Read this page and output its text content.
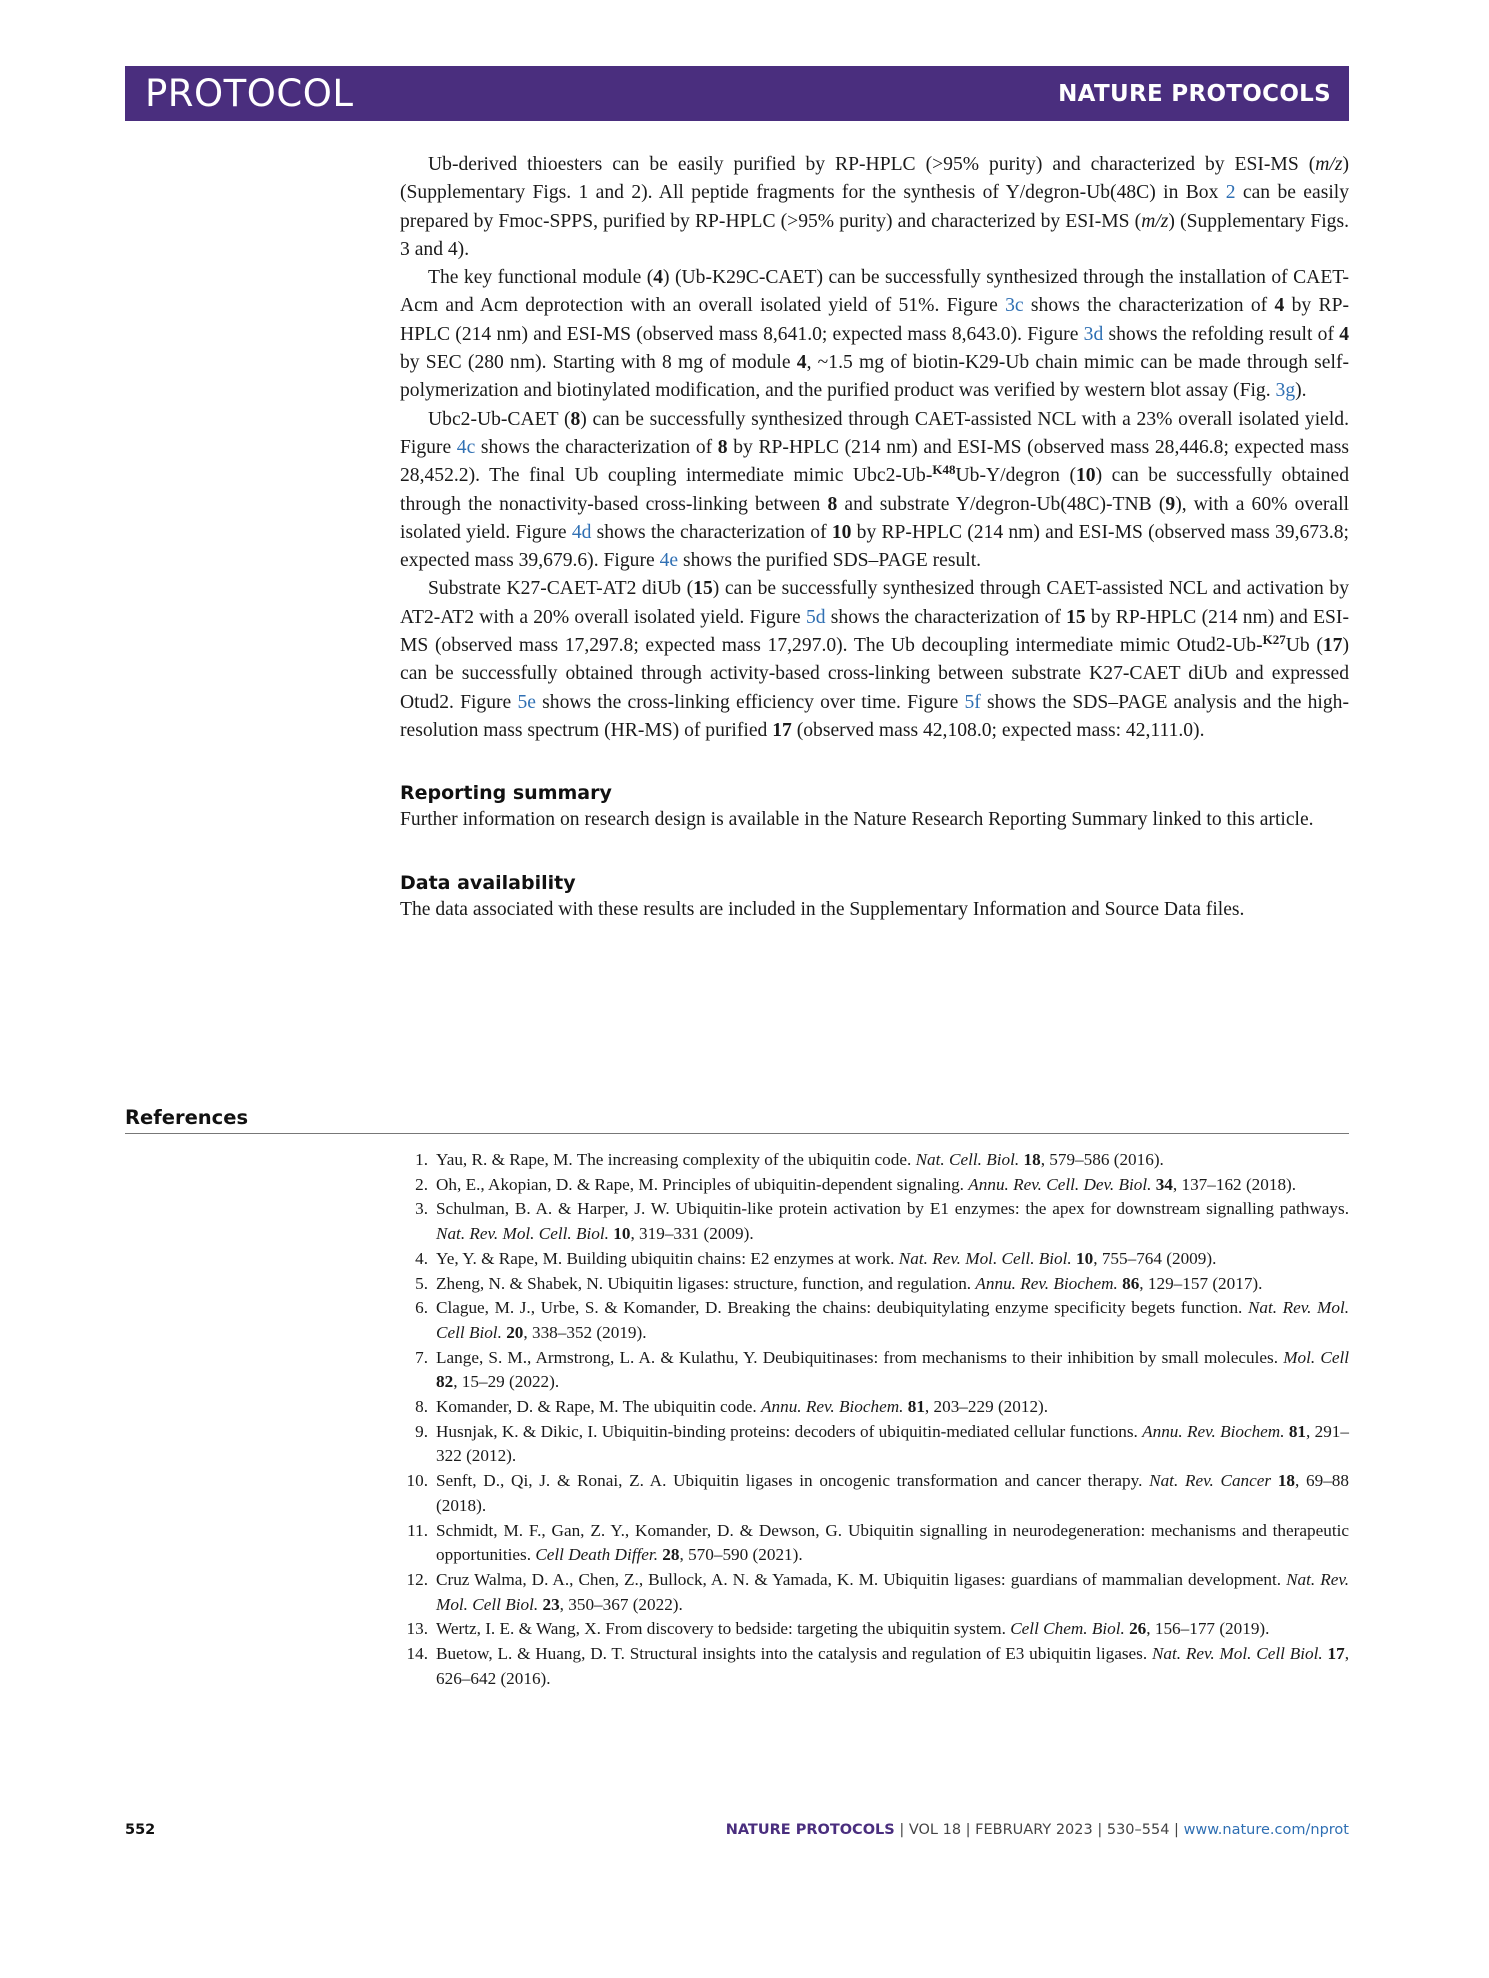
PROTOCOL	NATURE PROTOCOLS

Ub-derived thioesters can be easily purified by RP-HPLC (>95% purity) and characterized by ESI-MS (m/z) (Supplementary Figs. 1 and 2). All peptide fragments for the synthesis of Y/degron-Ub(48C) in Box 2 can be easily prepared by Fmoc-SPPS, purified by RP-HPLC (>95% purity) and characterized by ESI-MS (m/z) (Supplementary Figs. 3 and 4).

The key functional module (4) (Ub-K29C-CAET) can be successfully synthesized through the installation of CAET-Acm and Acm deprotection with an overall isolated yield of 51%. Figure 3c shows the characterization of 4 by RP-HPLC (214 nm) and ESI-MS (observed mass 8,641.0; expected mass 8,643.0). Figure 3d shows the refolding result of 4 by SEC (280 nm). Starting with 8 mg of module 4, ~1.5 mg of biotin-K29-Ub chain mimic can be made through self-polymerization and biotinylated modification, and the purified product was verified by western blot assay (Fig. 3g).

Ubc2-Ub-CAET (8) can be successfully synthesized through CAET-assisted NCL with a 23% overall isolated yield. Figure 4c shows the characterization of 8 by RP-HPLC (214 nm) and ESI-MS (observed mass 28,446.8; expected mass 28,452.2). The final Ub coupling intermediate mimic Ubc2-Ub-$^{K48}$Ub-Y/degron (10) can be successfully obtained through the nonactivity-based cross-linking between 8 and substrate Y/degron-Ub(48C)-TNB (9), with a 60% overall isolated yield. Figure 4d shows the characterization of 10 by RP-HPLC (214 nm) and ESI-MS (observed mass 39,673.8; expected mass 39,679.6). Figure 4e shows the purified SDS–PAGE result.

Substrate K27-CAET-AT2 diUb (15) can be successfully synthesized through CAET-assisted NCL and activation by AT2-AT2 with a 20% overall isolated yield. Figure 5d shows the characterization of 15 by RP-HPLC (214 nm) and ESI-MS (observed mass 17,297.8; expected mass 17,297.0). The Ub decoupling intermediate mimic Otud2-Ub-$^{K27}$Ub (17) can be successfully obtained through activity-based cross-linking between substrate K27-CAET diUb and expressed Otud2. Figure 5e shows the cross-linking efficiency over time. Figure 5f shows the SDS–PAGE analysis and the high-resolution mass spectrum (HR-MS) of purified 17 (observed mass 42,108.0; expected mass: 42,111.0).

Reporting summary

Further information on research design is available in the Nature Research Reporting Summary linked to this article.

Data availability

The data associated with these results are included in the Supplementary Information and Source Data files.

References
1. Yau, R. & Rape, M. The increasing complexity of the ubiquitin code. Nat. Cell. Biol. 18, 579–586 (2016).
2. Oh, E., Akopian, D. & Rape, M. Principles of ubiquitin-dependent signaling. Annu. Rev. Cell. Dev. Biol. 34, 137–162 (2018).
3. Schulman, B. A. & Harper, J. W. Ubiquitin-like protein activation by E1 enzymes: the apex for downstream signalling pathways. Nat. Rev. Mol. Cell. Biol. 10, 319–331 (2009).
4. Ye, Y. & Rape, M. Building ubiquitin chains: E2 enzymes at work. Nat. Rev. Mol. Cell. Biol. 10, 755–764 (2009).
5. Zheng, N. & Shabek, N. Ubiquitin ligases: structure, function, and regulation. Annu. Rev. Biochem. 86, 129–157 (2017).
6. Clague, M. J., Urbe, S. & Komander, D. Breaking the chains: deubiquitylating enzyme specificity begets function. Nat. Rev. Mol. Cell Biol. 20, 338–352 (2019).
7. Lange, S. M., Armstrong, L. A. & Kulathu, Y. Deubiquitinases: from mechanisms to their inhibition by small molecules. Mol. Cell 82, 15–29 (2022).
8. Komander, D. & Rape, M. The ubiquitin code. Annu. Rev. Biochem. 81, 203–229 (2012).
9. Husnjak, K. & Dikic, I. Ubiquitin-binding proteins: decoders of ubiquitin-mediated cellular functions. Annu. Rev. Biochem. 81, 291–322 (2012).
10. Senft, D., Qi, J. & Ronai, Z. A. Ubiquitin ligases in oncogenic transformation and cancer therapy. Nat. Rev. Cancer 18, 69–88 (2018).
11. Schmidt, M. F., Gan, Z. Y., Komander, D. & Dewson, G. Ubiquitin signalling in neurodegeneration: mechanisms and therapeutic opportunities. Cell Death Differ. 28, 570–590 (2021).
12. Cruz Walma, D. A., Chen, Z., Bullock, A. N. & Yamada, K. M. Ubiquitin ligases: guardians of mammalian development. Nat. Rev. Mol. Cell Biol. 23, 350–367 (2022).
13. Wertz, I. E. & Wang, X. From discovery to bedside: targeting the ubiquitin system. Cell Chem. Biol. 26, 156–177 (2019).
14. Buetow, L. & Huang, D. T. Structural insights into the catalysis and regulation of E3 ubiquitin ligases. Nat. Rev. Mol. Cell Biol. 17, 626–642 (2016).
552	NATURE PROTOCOLS | VOL 18 | FEBRUARY 2023 | 530–554 | www.nature.com/nprot
